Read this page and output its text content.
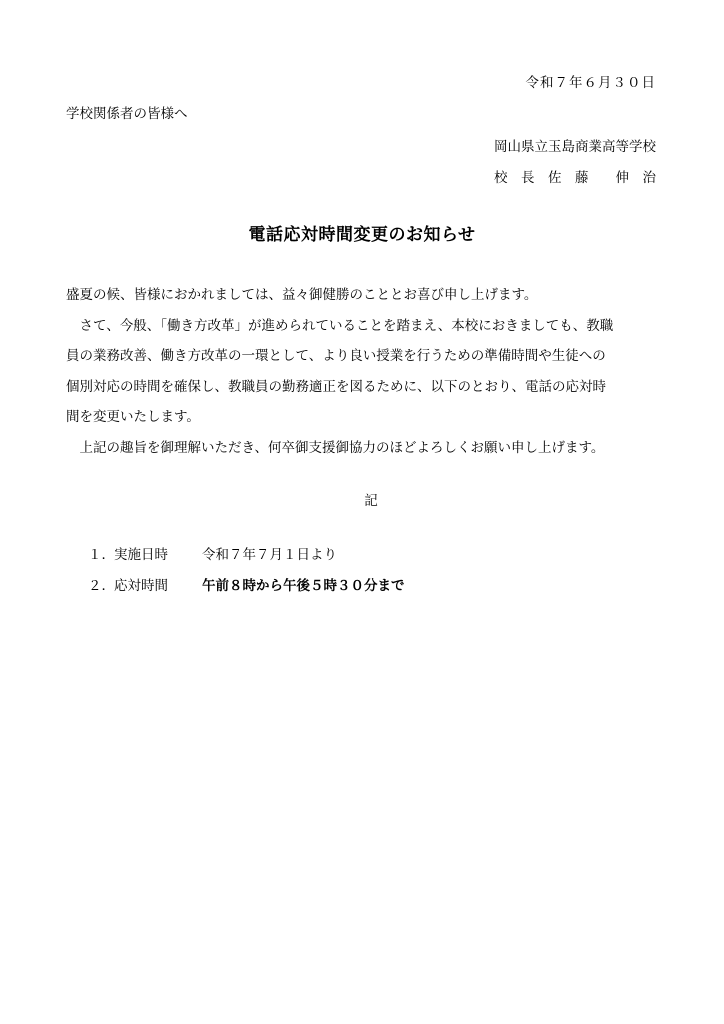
令和７年６月３０日
学校関係者の皆様へ
岡山県立玉島商業高等学校
校　長　佐　藤　　伸　治
電話応対時間変更のお知らせ

盛夏の候、皆様におかれましては、益々御健勝のこととお喜び申し上げます。

さて、今般、「働き方改革」が進められていることを踏まえ、本校におきましても、教職

員の業務改善、働き方改革の一環として、より良い授業を行うための準備時間や生徒への

個別対応の時間を確保し、教職員の勤務適正を図るために、以下のとおり、電話の応対時

間を変更いたします。

上記の趣旨を御理解いただき、何卒御支援御協力のほどよろしくお願い申し上げます。

記
１．実施日時	令和７年７月１日より
２．応対時間	午前８時から午後５時３０分まで
